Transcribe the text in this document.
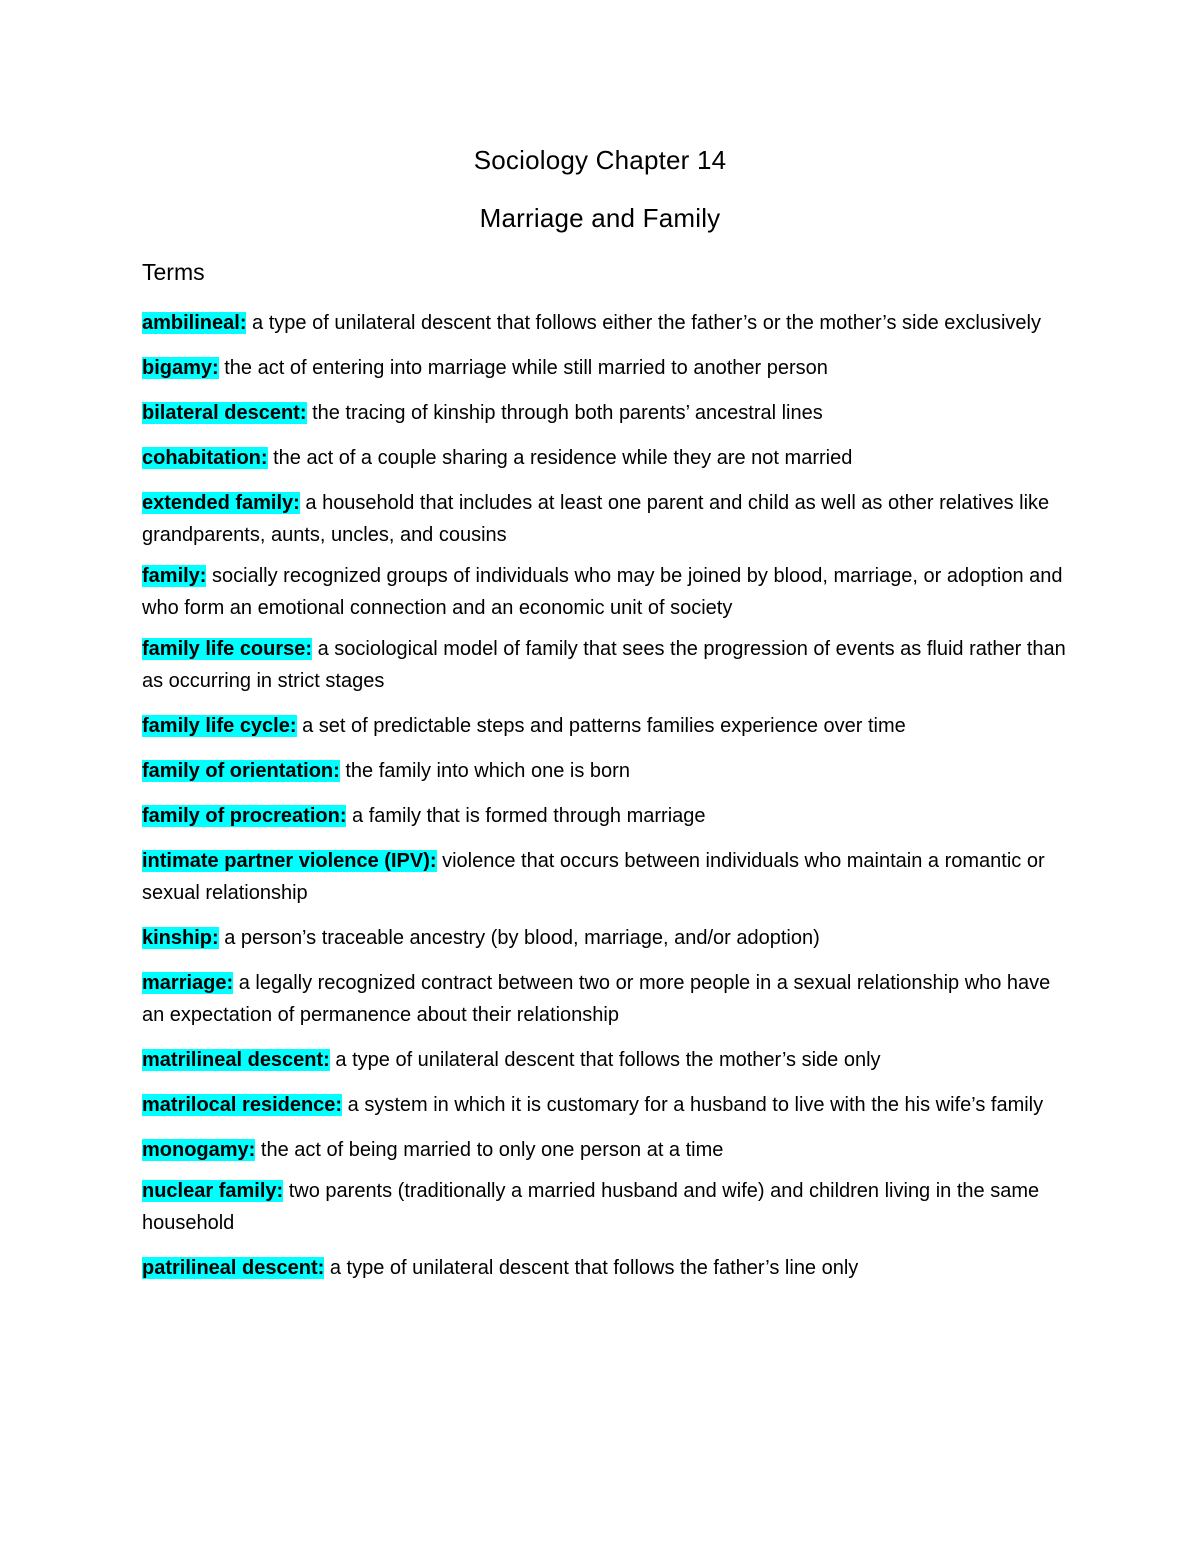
Sociology Chapter 14
Marriage and Family
Terms
ambilineal: a type of unilateral descent that follows either the father’s or the mother’s side exclusively
bigamy: the act of entering into marriage while still married to another person
bilateral descent: the tracing of kinship through both parents’ ancestral lines
cohabitation: the act of a couple sharing a residence while they are not married
extended family: a household that includes at least one parent and child as well as other relatives like grandparents, aunts, uncles, and cousins
family: socially recognized groups of individuals who may be joined by blood, marriage, or adoption and who form an emotional connection and an economic unit of society
family life course: a sociological model of family that sees the progression of events as fluid rather than as occurring in strict stages
family life cycle: a set of predictable steps and patterns families experience over time
family of orientation: the family into which one is born
family of procreation: a family that is formed through marriage
intimate partner violence (IPV): violence that occurs between individuals who maintain a romantic or sexual relationship
kinship: a person’s traceable ancestry (by blood, marriage, and/or adoption)
marriage: a legally recognized contract between two or more people in a sexual relationship who have an expectation of permanence about their relationship
matrilineal descent: a type of unilateral descent that follows the mother’s side only
matrilocal residence: a system in which it is customary for a husband to live with the his wife’s family
monogamy: the act of being married to only one person at a time
nuclear family: two parents (traditionally a married husband and wife) and children living in the same household
patrilineal descent: a type of unilateral descent that follows the father’s line only
